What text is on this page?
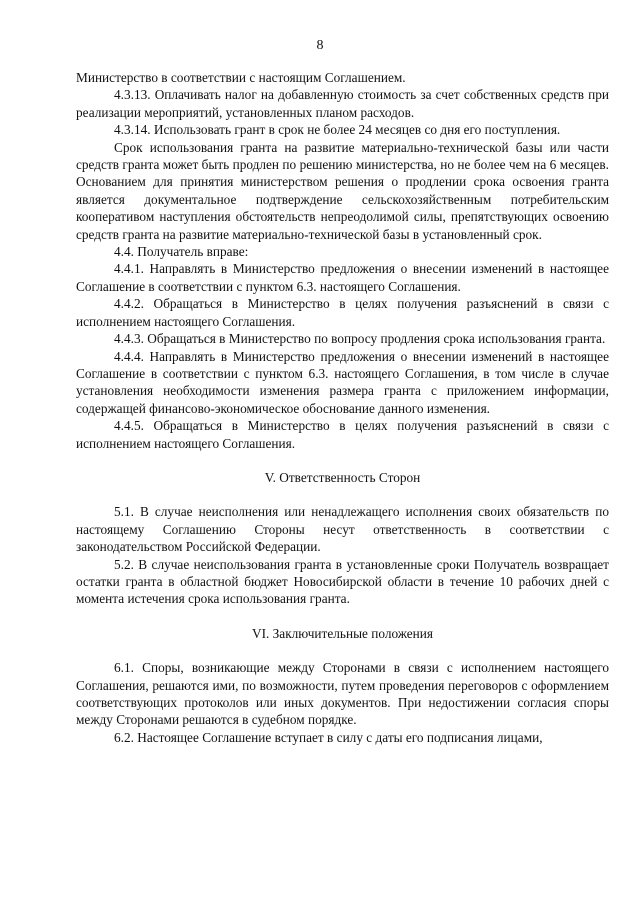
8

Министерство в соответствии с настоящим Соглашением.

4.3.13. Оплачивать налог на добавленную стоимость за счет собственных средств при реализации мероприятий, установленных планом расходов.

4.3.14. Использовать грант в срок не более 24 месяцев со дня его поступления.

Срок использования гранта на развитие материально-технической базы или части средств гранта может быть продлен по решению министерства, но не более чем на 6 месяцев. Основанием для принятия министерством решения о продлении срока освоения гранта является документальное подтверждение сельскохозяйственным потребительским кооперативом наступления обстоятельств непреодолимой силы, препятствующих освоению средств гранта на развитие материально-технической базы в установленный срок.

4.4. Получатель вправе:

4.4.1. Направлять в Министерство предложения о внесении изменений в настоящее Соглашение в соответствии с пунктом 6.3. настоящего Соглашения.

4.4.2. Обращаться в Министерство в целях получения разъяснений в связи с исполнением настоящего Соглашения.

4.4.3. Обращаться в Министерство по вопросу продления срока использования гранта.

4.4.4. Направлять в Министерство предложения о внесении изменений в настоящее Соглашение в соответствии с пунктом 6.3. настоящего Соглашения, в том числе в случае установления необходимости изменения размера гранта с приложением информации, содержащей финансово-экономическое обоснование данного изменения.

4.4.5. Обращаться в Министерство в целях получения разъяснений в связи с исполнением настоящего Соглашения.

V. Ответственность Сторон

5.1. В случае неисполнения или ненадлежащего исполнения своих обязательств по настоящему Соглашению Стороны несут ответственность в соответствии с законодательством Российской Федерации.

5.2. В случае неиспользования гранта в установленные сроки Получатель возвращает остатки гранта в областной бюджет Новосибирской области в течение 10 рабочих дней с момента истечения срока использования гранта.

VI. Заключительные положения

6.1. Споры, возникающие между Сторонами в связи с исполнением настоящего Соглашения, решаются ими, по возможности, путем проведения переговоров с оформлением соответствующих протоколов или иных документов. При недостижении согласия споры между Сторонами решаются в судебном порядке.

6.2. Настоящее Соглашение вступает в силу с даты его подписания лицами,
